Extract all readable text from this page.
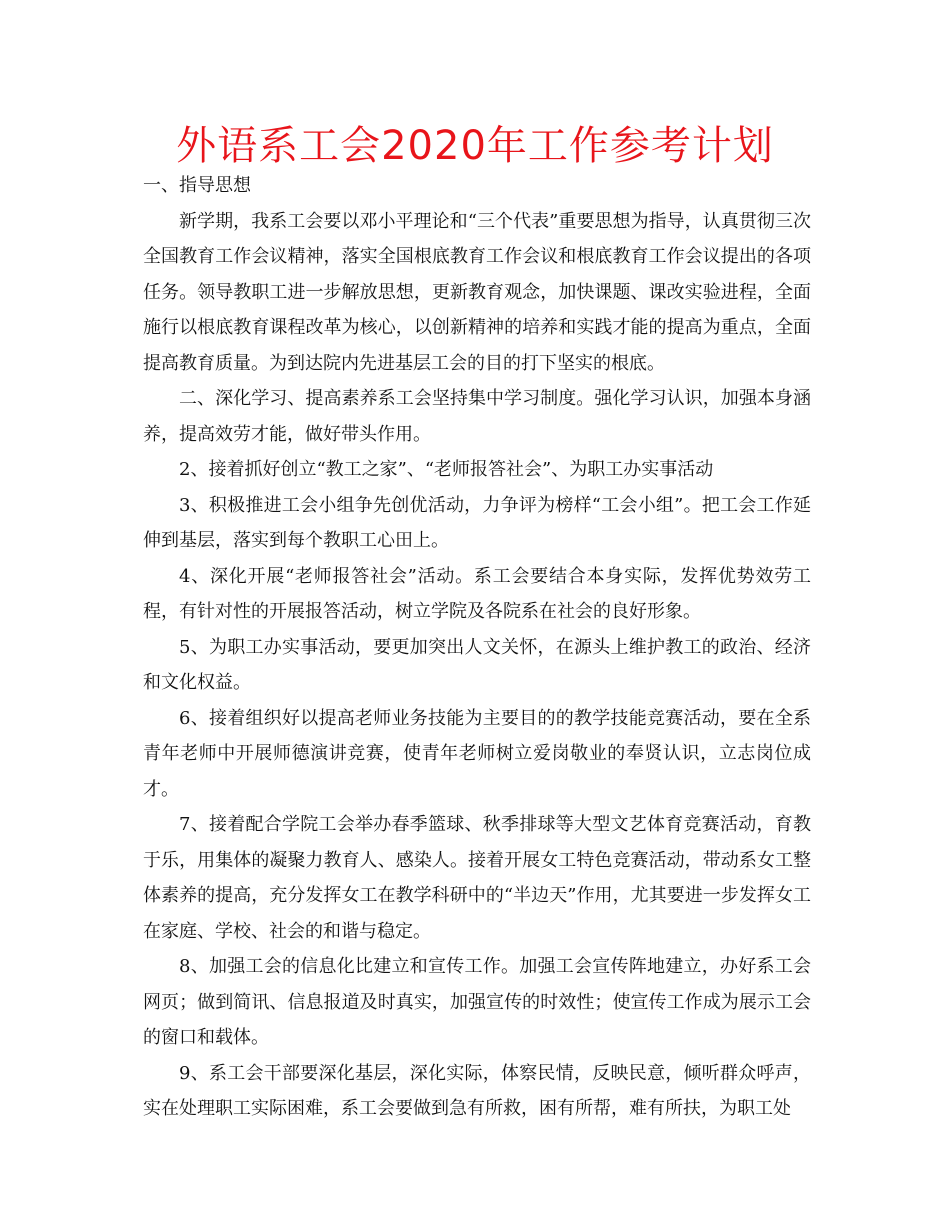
外语系工会2020年工作参考计划

一、指导思想

新学期，我系工会要以邓小平理论和“三个代表”重要思想为指导，认真贯彻三次全国教育工作会议精神，落实全国根底教育工作会议和根底教育工作会议提出的各项任务。领导教职工进一步解放思想，更新教育观念，加快课题、课改实验进程，全面施行以根底教育课程改革为核心，以创新精神的培养和实践才能的提高为重点，全面提高教育质量。为到达院内先进基层工会的目的打下坚实的根底。

二、深化学习、提高素养系工会坚持集中学习制度。强化学习认识，加强本身涵养，提高效劳才能，做好带头作用。

2、接着抓好创立“教工之家”、“老师报答社会”、为职工办实事活动

3、积极推进工会小组争先创优活动，力争评为榜样“工会小组”。把工会工作延伸到基层，落实到每个教职工心田上。

4、深化开展“老师报答社会”活动。系工会要结合本身实际，发挥优势效劳工程，有针对性的开展报答活动，树立学院及各院系在社会的良好形象。

5、为职工办实事活动，要更加突出人文关怀，在源头上维护教工的政治、经济和文化权益。

6、接着组织好以提高老师业务技能为主要目的的教学技能竞赛活动，要在全系青年老师中开展师德演讲竞赛，使青年老师树立爱岗敬业的奉贤认识，立志岗位成才。

7、接着配合学院工会举办春季篮球、秋季排球等大型文艺体育竞赛活动，育教于乐，用集体的凝聚力教育人、感染人。接着开展女工特色竞赛活动，带动系女工整体素养的提高，充分发挥女工在教学科研中的“半边天”作用，尤其要进一步发挥女工在家庭、学校、社会的和谐与稳定。

8、加强工会的信息化比建立和宣传工作。加强工会宣传阵地建立，办好系工会网页；做到简讯、信息报道及时真实，加强宣传的时效性；使宣传工作成为展示工会的窗口和载体。

9、系工会干部要深化基层，深化实际，体察民情，反映民意，倾听群众呼声，实在处理职工实际困难，系工会要做到急有所救，困有所帮，难有所扶，为职工处
